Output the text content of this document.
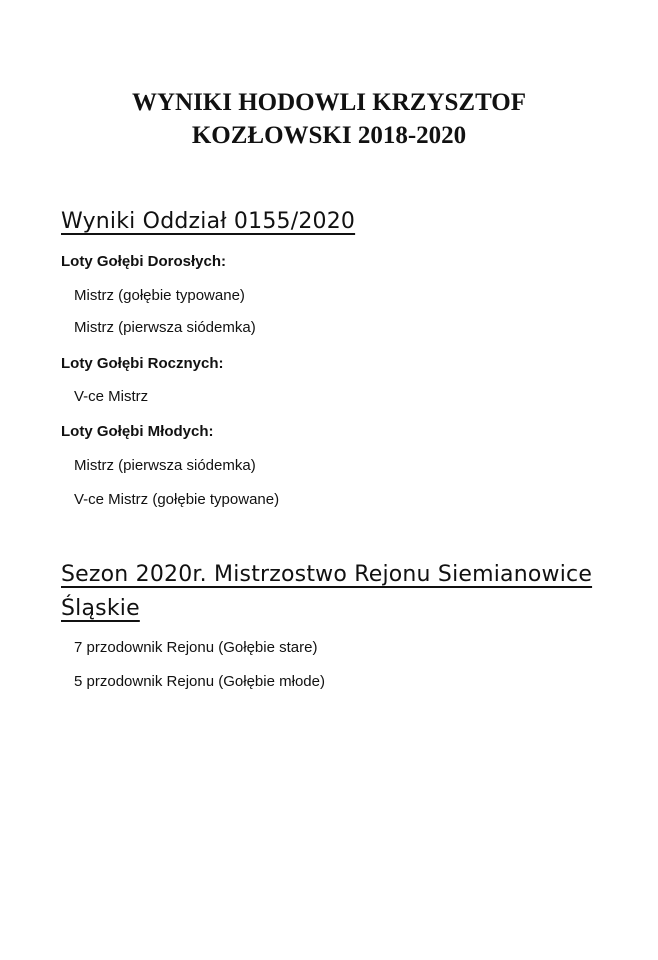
WYNIKI HODOWLI KRZYSZTOF
KOZŁOWSKI 2018-2020
Wyniki Oddział 0155/2020

Loty Gołębi Dorosłych:

Mistrz (gołębie typowane)

Mistrz (pierwsza siódemka)

Loty Gołębi Rocznych:

V-ce Mistrz

Loty Gołębi Młodych:

Mistrz (pierwsza siódemka)

V-ce Mistrz (gołębie typowane)

Sezon 2020r. Mistrzostwo Rejonu Siemianowice
Śląskie

7 przodownik Rejonu (Gołębie stare)

5 przodownik Rejonu (Gołębie młode)
